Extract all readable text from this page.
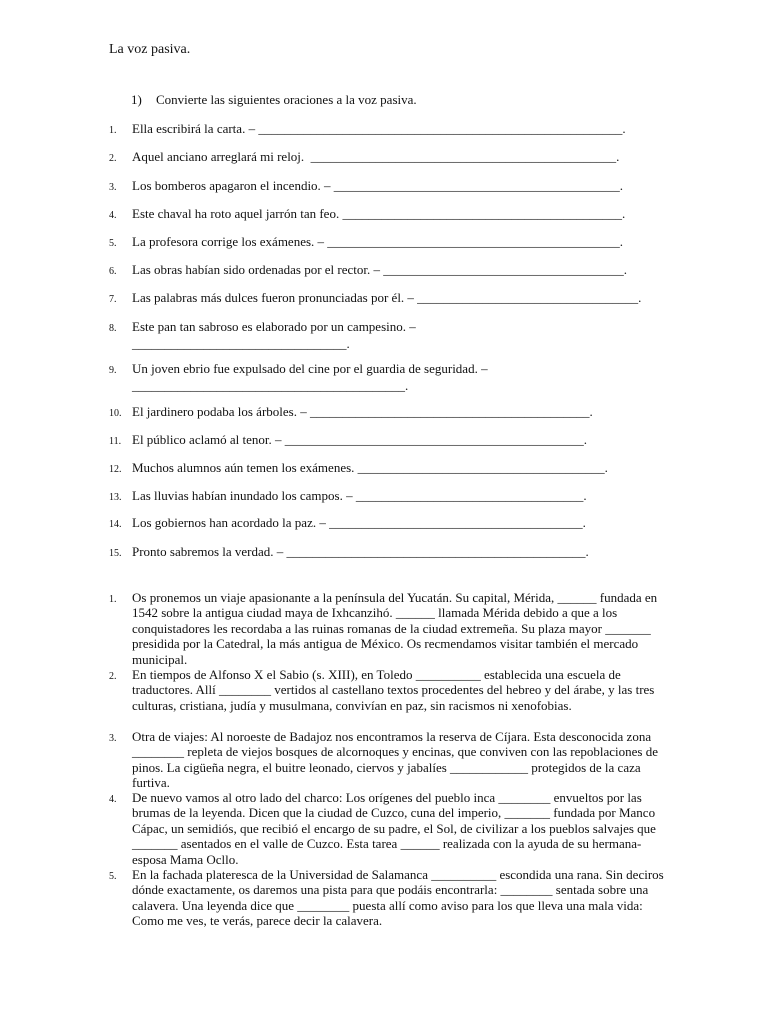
La voz pasiva.
1) Convierte las siguientes oraciones a la voz pasiva.
1. Ella escribirá la carta. – ________________________________________________________.
2. Aquel anciano arreglará mi reloj.  _______________________________________________.
3. Los bomberos apagaron el incendio. – ____________________________________________.
4. Este chaval ha roto aquel jarrón tan feo. ___________________________________________.
5. La profesora corrige los exámenes. – _____________________________________________.
6. Las obras habían sido ordenadas por el rector. – _____________________________________.
7. Las palabras más dulces fueron pronunciadas por él. – __________________________________.
8. Este pan tan sabroso es elaborado por un campesino. –
_________________________________.
9. Un joven ebrio fue expulsado del cine por el guardia de seguridad. –
__________________________________________.
10. El jardinero podaba los árboles. – ___________________________________________.
11. El público aclamó al tenor. – ______________________________________________.
12. Muchos alumnos aún temen los exámenes. ______________________________________.
13. Las lluvias habían inundado los campos. – ___________________________________.
14. Los gobiernos han acordado la paz. – _______________________________________.
15. Pronto sabremos la verdad. – ______________________________________________.
1. Os pronemos un viaje apasionante a la península del Yucatán. Su capital, Mérida, ______ fundada en 1542 sobre la antigua ciudad maya de Ixhcanzihó. ______ llamada Mérida debido a que a los conquistadores les recordaba a las ruinas romanas de la ciudad extremeña. Su plaza mayor _______ presidida por la Catedral, la más antigua de México. Os recmendamos visitar también el mercado municipal.
2. En tiempos de Alfonso X el Sabio (s. XIII), en Toledo __________ establecida una escuela de traductores. Allí ________ vertidos al castellano textos procedentes del hebreo y del árabe, y las tres culturas, cristiana, judía y musulmana, convivían en paz, sin racismos ni xenofobias.
3. Otra de viajes: Al noroeste de Badajoz nos encontramos la reserva de Cíjara. Esta desconocida zona ________ repleta de viejos bosques de alcornoques y encinas, que conviven con las repoblaciones de pinos. La cigüeña negra, el buitre leonado, ciervos y jabalíes ____________ protegidos de la caza furtiva.
4. De nuevo vamos al otro lado del charco: Los orígenes del pueblo inca ________ envueltos por las brumas de la leyenda. Dicen que la ciudad de Cuzco, cuna del imperio, _______ fundada por Manco Cápac, un semidiós, que recibió el encargo de su padre, el Sol, de civilizar a los pueblos salvajes que _______ asentados en el valle de Cuzco. Esta tarea ______ realizada con la ayuda de su hermana-esposa Mama Ocllo.
5. En la fachada plateresca de la Universidad de Salamanca __________ escondida una rana. Sin deciros dónde exactamente, os daremos una pista para que podáis encontrarla: ________ sentada sobre una calavera. Una leyenda dice que ________ puesta allí como aviso para los que lleva una mala vida: Como me ves, te verás, parece decir la calavera.
